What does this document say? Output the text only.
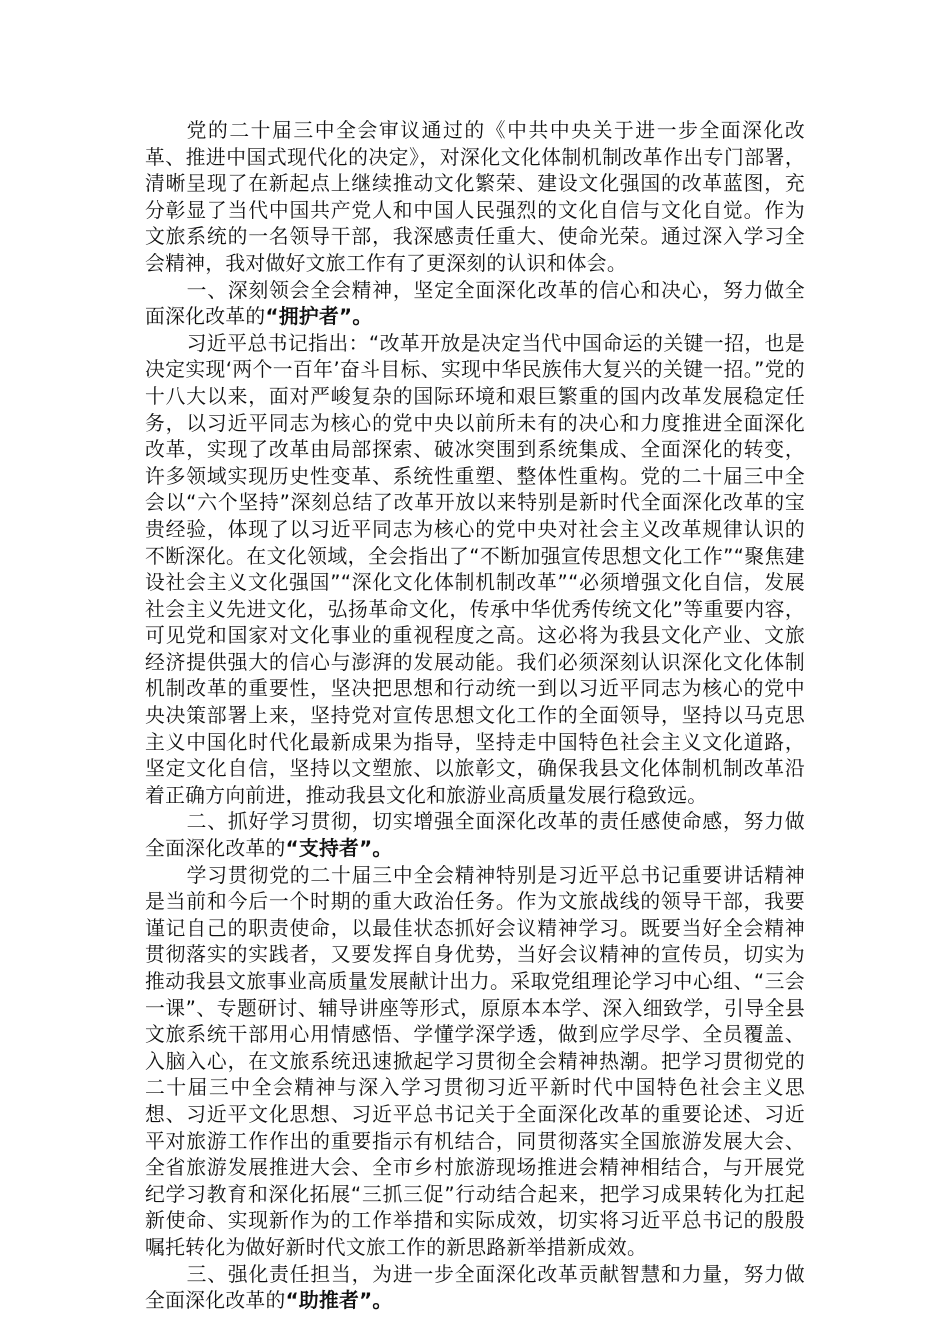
党的二十届三中全会审议通过的《中共中央关于进一步全面深化改革、推进中国式现代化的决定》，对深化文化体制机制改革作出专门部署，清晰呈现了在新起点上继续推动文化繁荣、建设文化强国的改革蓝图，充分彰显了当代中国共产党人和中国人民强烈的文化自信与文化自觉。作为文旅系统的一名领导干部，我深感责任重大、使命光荣。通过深入学习全会精神，我对做好文旅工作有了更深刻的认识和体会。

一、深刻领会全会精神，坚定全面深化改革的信心和决心，努力做全面深化改革的“拥护者”。

习近平总书记指出：“改革开放是决定当代中国命运的关键一招，也是决定实现‘两个一百年’奋斗目标、实现中华民族伟大复兴的关键一招。”党的十八大以来，面对严峻复杂的国际环境和艰巨繁重的国内改革发展稳定任务，以习近平同志为核心的党中央以前所未有的决心和力度推进全面深化改革，实现了改革由局部探索、破冰突围到系统集成、全面深化的转变，许多领域实现历史性变革、系统性重塑、整体性重构。党的二十届三中全会以“六个坚持”深刻总结了改革开放以来特别是新时代全面深化改革的宝贵经验，体现了以习近平同志为核心的党中央对社会主义改革规律认识的不断深化。在文化领域，全会指出了“不断加强宣传思想文化工作”“聚焦建设社会主义文化强国”“深化文化体制机制改革”“必须增强文化自信，发展社会主义先进文化，弘扬革命文化，传承中华优秀传统文化”等重要内容，可见党和国家对文化事业的重视程度之高。这必将为我县文化产业、文旅经济提供强大的信心与澎湃的发展动能。我们必须深刻认识深化文化体制机制改革的重要性，坚决把思想和行动统一到以习近平同志为核心的党中央决策部署上来，坚持党对宣传思想文化工作的全面领导，坚持以马克思主义中国化时代化最新成果为指导，坚持走中国特色社会主义文化道路，坚定文化自信，坚持以文塑旅、以旅彰文，确保我县文化体制机制改革沿着正确方向前进，推动我县文化和旅游业高质量发展行稳致远。

二、抓好学习贯彻，切实增强全面深化改革的责任感使命感，努力做全面深化改革的“支持者”。

学习贯彻党的二十届三中全会精神特别是习近平总书记重要讲话精神是当前和今后一个时期的重大政治任务。作为文旅战线的领导干部，我要谨记自己的职责使命，以最佳状态抓好会议精神学习。既要当好全会精神贯彻落实的实践者，又要发挥自身优势，当好会议精神的宣传员，切实为推动我县文旅事业高质量发展献计出力。采取党组理论学习中心组、“三会一课”、专题研讨、辅导讲座等形式，原原本本学、深入细致学，引导全县文旅系统干部用心用情感悟、学懂学深学透，做到应学尽学、全员覆盖、入脑入心，在文旅系统迅速掀起学习贯彻全会精神热潮。把学习贯彻党的二十届三中全会精神与深入学习贯彻习近平新时代中国特色社会主义思想、习近平文化思想、习近平总书记关于全面深化改革的重要论述、习近平对旅游工作作出的重要指示有机结合，同贯彻落实全国旅游发展大会、全省旅游发展推进大会、全市乡村旅游现场推进会精神相结合，与开展党纪学习教育和深化拓展“三抓三促”行动结合起来，把学习成果转化为扛起新使命、实现新作为的工作举措和实际成效，切实将习近平总书记的殷殷嘱托转化为做好新时代文旅工作的新思路新举措新成效。

三、强化责任担当，为进一步全面深化改革贡献智慧和力量，努力做全面深化改革的“助推者”。
